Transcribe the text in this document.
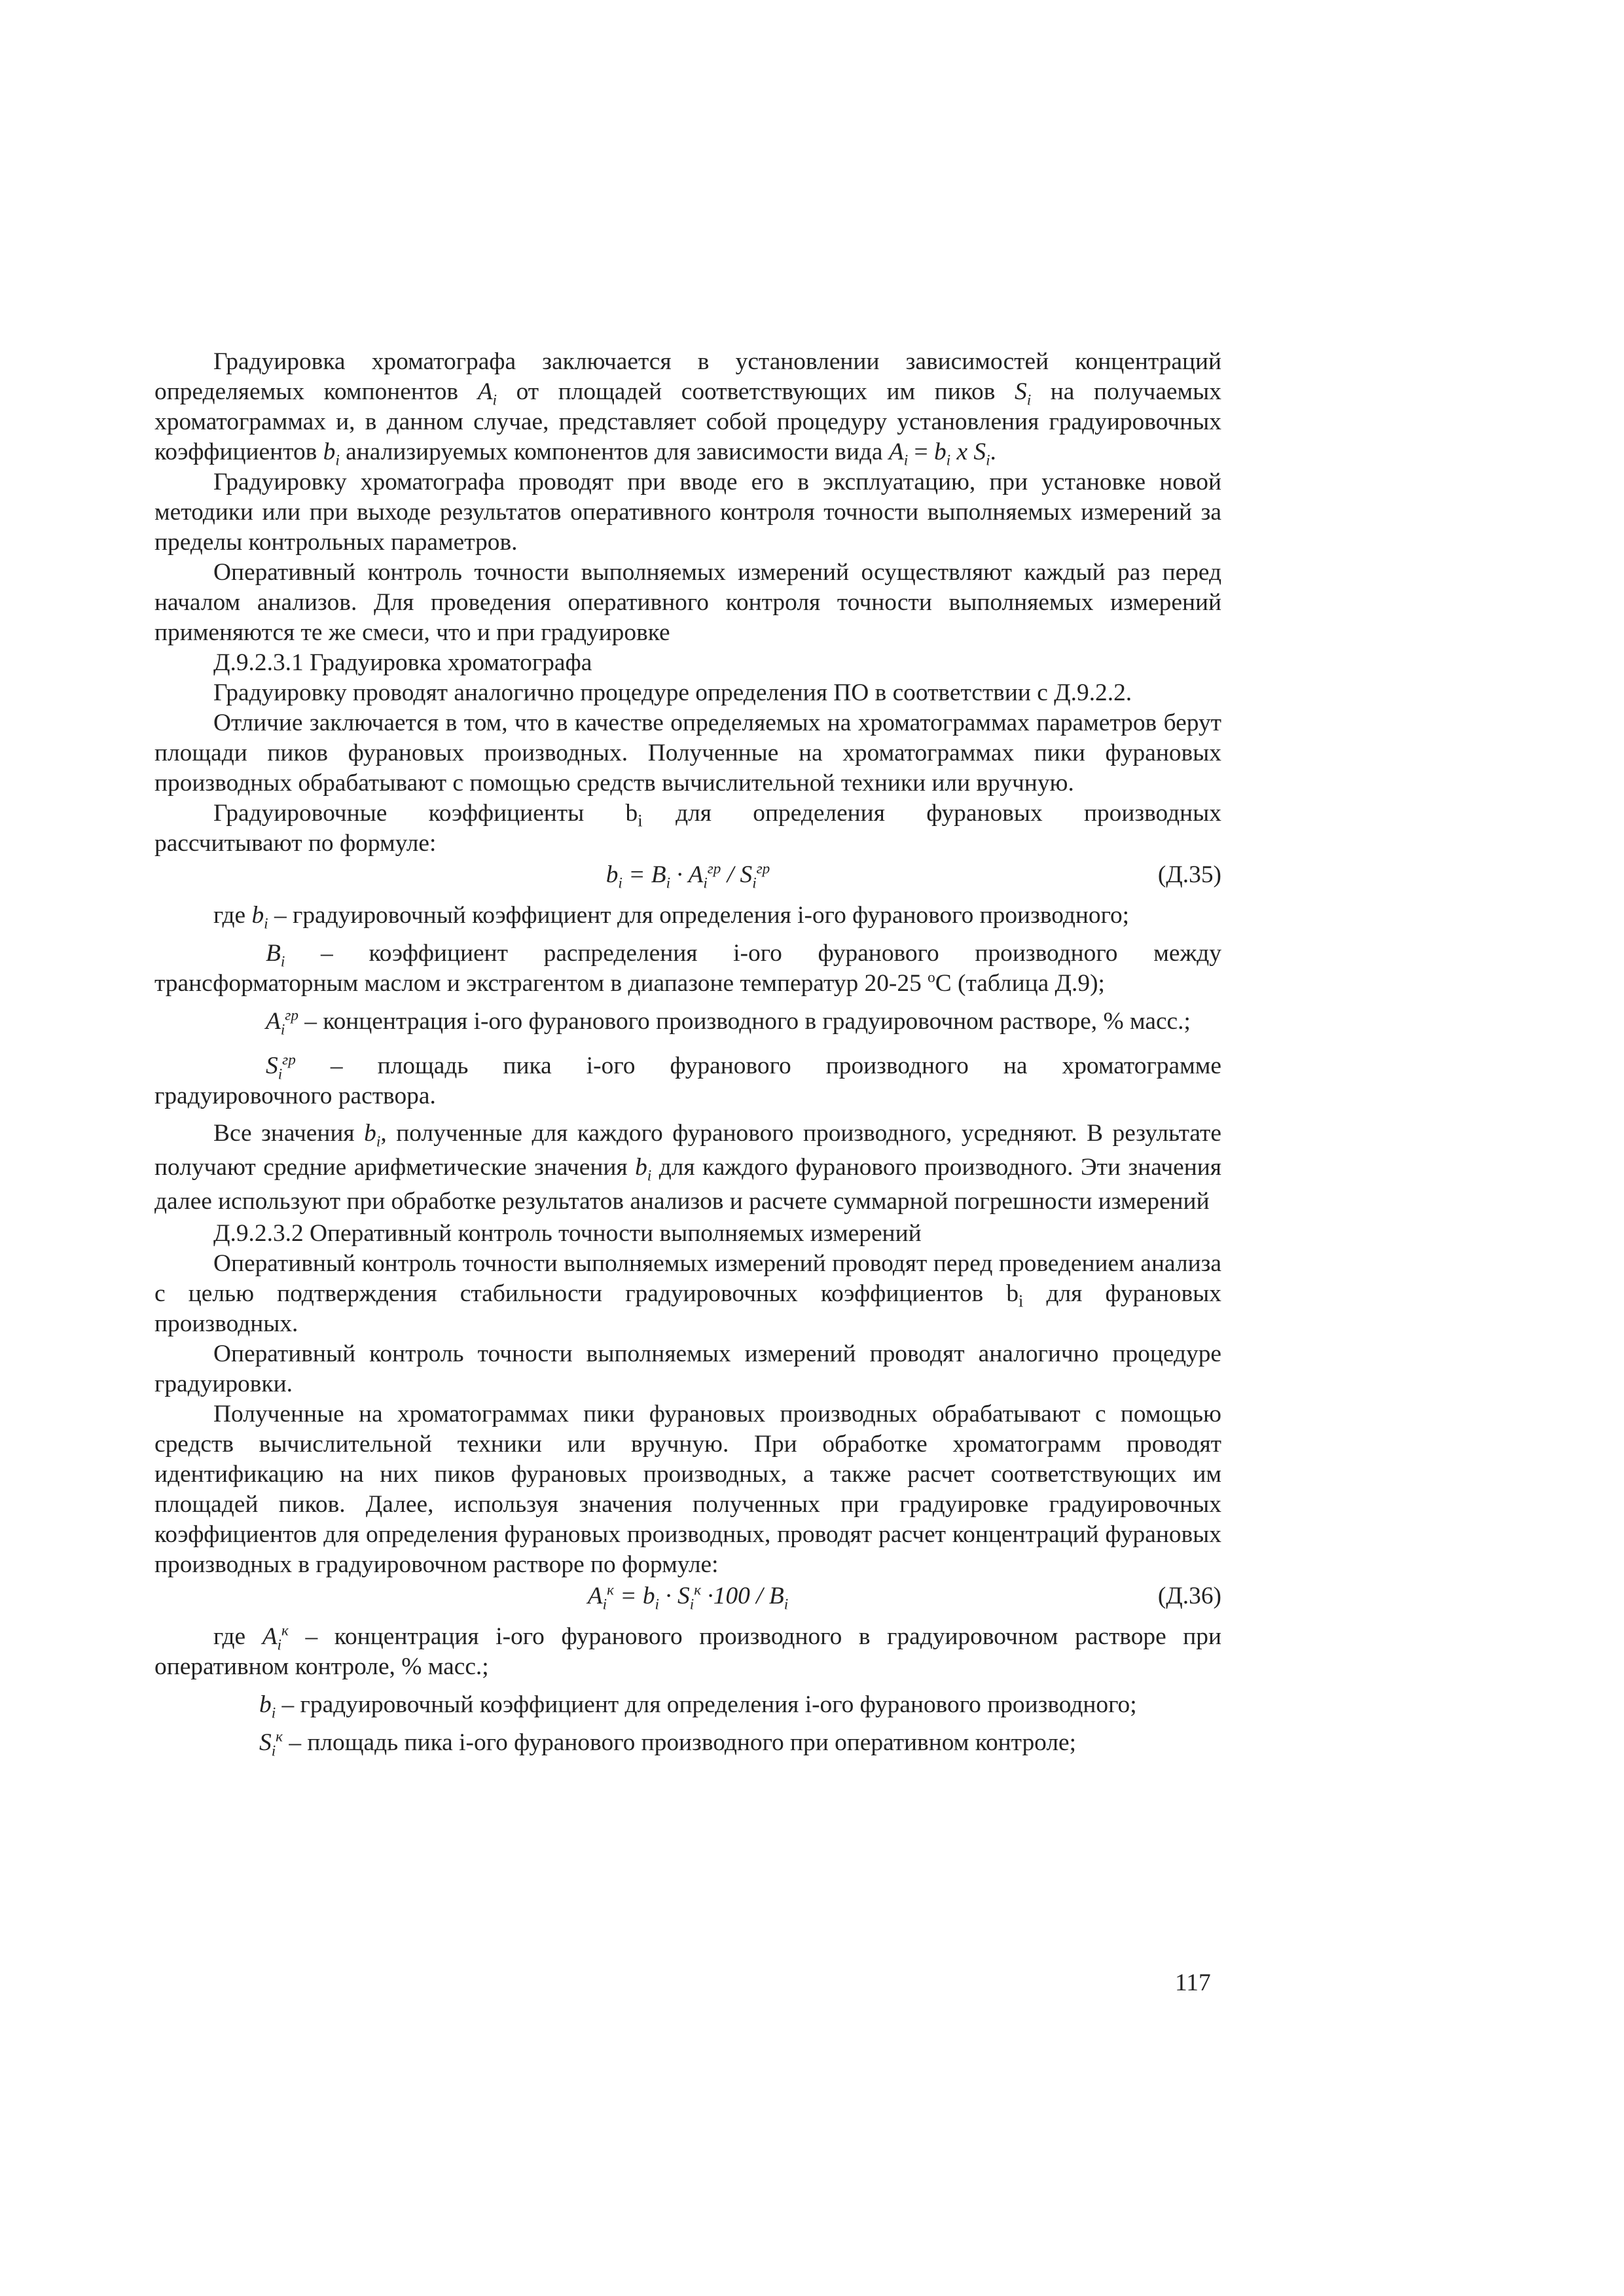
Градуировка хроматографа заключается в установлении зависимостей концентраций определяемых компонентов $A_i$ от площадей соответствующих им пиков $S_i$ на получаемых хроматограммах и, в данном случае, представляет собой процедуру установления градуировочных коэффициентов $b_i$ анализируемых компонентов для зависимости вида $A_i = b_i$ x $S_i$.

Градуировку хроматографа проводят при вводе его в эксплуатацию, при установке новой методики или при выходе результатов оперативного контроля точности выполняемых измерений за пределы контрольных параметров.

Оперативный контроль точности выполняемых измерений осуществляют каждый раз перед началом анализов. Для проведения оперативного контроля точности выполняемых измерений применяются те же смеси, что и при градуировке

Д.9.2.3.1 Градуировка хроматографа

Градуировку проводят аналогично процедуре определения ПО в соответствии с Д.9.2.2.

Отличие заключается в том, что в качестве определяемых на хроматограммах параметров берут площади пиков фурановых производных. Полученные на хроматограммах пики фурановых производных обрабатывают с помощью средств вычислительной техники или вручную.

Градуировочные     коэффициенты     $b_i$    для     определения     фурановых     производных рассчитывают по формуле:

$b_i = B_i \cdot A_i^{гр} / S_i^{гр}$	(Д.35)

где $b_i$ – градуировочный коэффициент для определения i-ого фуранового производного;

$B_i$    –    коэффициент    распределения    i-ого    фуранового    производного    между трансформаторным маслом и экстрагентом в диапазоне температур 20-25 $^о$С (таблица Д.9);

$A_i^{гр}$ – концентрация i-ого фуранового производного в градуировочном растворе, % масс.;

$S_i^{гр}$    –    площадь    пика    i-ого    фуранового    производного    на    хроматограмме градуировочного раствора.

Все значения $b_i$, полученные для каждого фуранового производного, усредняют. В результате получают средние арифметические значения $b_i$ для каждого фуранового производного. Эти значения далее используют при обработке результатов анализов и расчете суммарной погрешности измерений

Д.9.2.3.2 Оперативный контроль точности выполняемых измерений

Оперативный контроль точности выполняемых измерений проводят перед проведением анализа с целью подтверждения стабильности градуировочных коэффициентов $b_i$ для фурановых производных.

Оперативный контроль точности выполняемых измерений проводят аналогично процедуре градуировки.

Полученные на хроматограммах пики фурановых производных обрабатывают с помощью средств вычислительной техники или вручную. При обработке хроматограмм проводят идентификацию на них пиков фурановых производных, а также расчет соответствующих им площадей пиков. Далее, используя значения полученных при градуировке градуировочных коэффициентов для определения фурановых производных, проводят расчет концентраций фурановых производных в градуировочном растворе по формуле:

$A_i^к = b_i \cdot S_i^к \cdot 100 / B_i$	(Д.36)

где $A_i^к$ – концентрация i-ого фуранового производного в градуировочном растворе при оперативном контроле, % масс.;

$b_i$ – градуировочный коэффициент для определения i-ого фуранового производного;

$S_i^к$ – площадь пика i-ого фуранового производного при оперативном контроле;

117
